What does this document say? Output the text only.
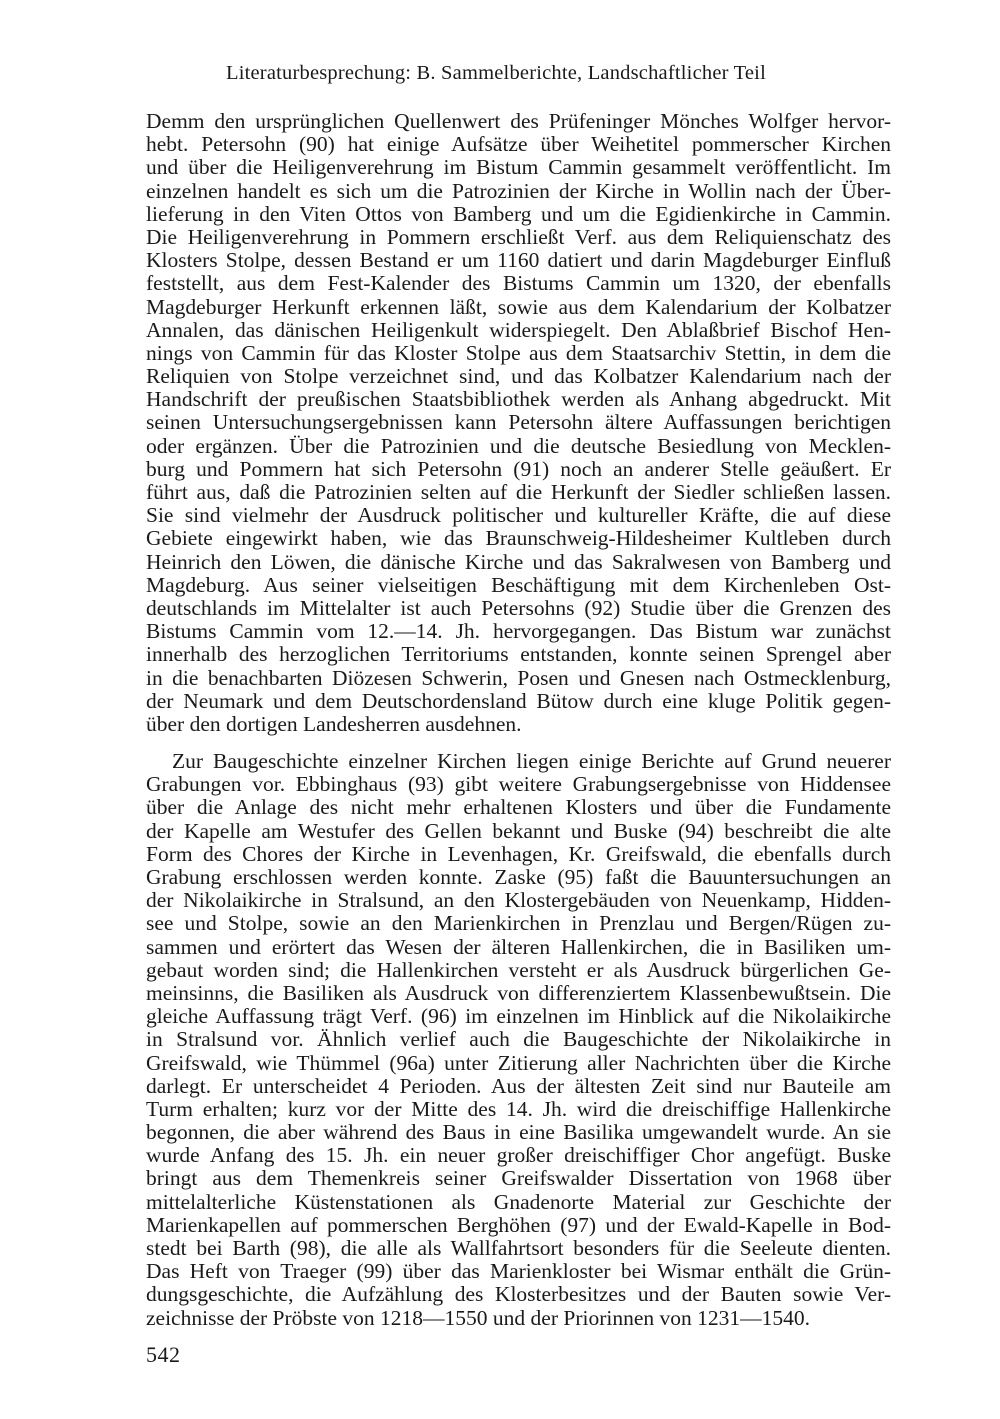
Literaturbesprechung: B. Sammelberichte, Landschaftlicher Teil
Demm den ursprünglichen Quellenwert des Prüfeninger Mönches Wolfger hervor-
hebt. Petersohn (90) hat einige Aufsätze über Weihetitel pommerscher Kirchen
und über die Heiligenverehrung im Bistum Cammin gesammelt veröffentlicht. Im
einzelnen handelt es sich um die Patrozinien der Kirche in Wollin nach der Über-
lieferung in den Viten Ottos von Bamberg und um die Egidienkirche in Cammin.
Die Heiligenverehrung in Pommern erschließt Verf. aus dem Reliquienschatz des
Klosters Stolpe, dessen Bestand er um 1160 datiert und darin Magdeburger Einfluß
feststellt, aus dem Fest-Kalender des Bistums Cammin um 1320, der ebenfalls
Magdeburger Herkunft erkennen läßt, sowie aus dem Kalendarium der Kolbatzer
Annalen, das dänischen Heiligenkult widerspiegelt. Den Ablaßbrief Bischof Hen-
nings von Cammin für das Kloster Stolpe aus dem Staatsarchiv Stettin, in dem die
Reliquien von Stolpe verzeichnet sind, und das Kolbatzer Kalendarium nach der
Handschrift der preußischen Staatsbibliothek werden als Anhang abgedruckt. Mit
seinen Untersuchungsergebnissen kann Petersohn ältere Auffassungen berichtigen
oder ergänzen. Über die Patrozinien und die deutsche Besiedlung von Mecklen-
burg und Pommern hat sich Petersohn (91) noch an anderer Stelle geäußert. Er
führt aus, daß die Patrozinien selten auf die Herkunft der Siedler schließen lassen.
Sie sind vielmehr der Ausdruck politischer und kultureller Kräfte, die auf diese
Gebiete eingewirkt haben, wie das Braunschweig-Hildesheimer Kultleben durch
Heinrich den Löwen, die dänische Kirche und das Sakralwesen von Bamberg und
Magdeburg. Aus seiner vielseitigen Beschäftigung mit dem Kirchenleben Ost-
deutschlands im Mittelalter ist auch Petersohns (92) Studie über die Grenzen des
Bistums Cammin vom 12.—14. Jh. hervorgegangen. Das Bistum war zunächst
innerhalb des herzoglichen Territoriums entstanden, konnte seinen Sprengel aber
in die benachbarten Diözesen Schwerin, Posen und Gnesen nach Ostmecklenburg,
der Neumark und dem Deutschordensland Bütow durch eine kluge Politik gegen-
über den dortigen Landesherren ausdehnen.
Zur Baugeschichte einzelner Kirchen liegen einige Berichte auf Grund neuerer
Grabungen vor. Ebbinghaus (93) gibt weitere Grabungsergebnisse von Hiddensee
über die Anlage des nicht mehr erhaltenen Klosters und über die Fundamente
der Kapelle am Westufer des Gellen bekannt und Buske (94) beschreibt die alte
Form des Chores der Kirche in Levenhagen, Kr. Greifswald, die ebenfalls durch
Grabung erschlossen werden konnte. Zaske (95) faßt die Bauuntersuchungen an
der Nikolaikirche in Stralsund, an den Klostergebäuden von Neuenkamp, Hidden-
see und Stolpe, sowie an den Marienkirchen in Prenzlau und Bergen/Rügen zu-
sammen und erörtert das Wesen der älteren Hallenkirchen, die in Basiliken um-
gebaut worden sind; die Hallenkirchen versteht er als Ausdruck bürgerlichen Ge-
meinsinns, die Basiliken als Ausdruck von differenziertem Klassenbewußtsein. Die
gleiche Auffassung trägt Verf. (96) im einzelnen im Hinblick auf die Nikolaikirche
in Stralsund vor. Ähnlich verlief auch die Baugeschichte der Nikolaikirche in
Greifswald, wie Thümmel (96a) unter Zitierung aller Nachrichten über die Kirche
darlegt. Er unterscheidet 4 Perioden. Aus der ältesten Zeit sind nur Bauteile am
Turm erhalten; kurz vor der Mitte des 14. Jh. wird die dreischiffige Hallenkirche
begonnen, die aber während des Baus in eine Basilika umgewandelt wurde. An sie
wurde Anfang des 15. Jh. ein neuer großer dreischiffiger Chor angefügt. Buske
bringt aus dem Themenkreis seiner Greifswalder Dissertation von 1968 über
mittelalterliche Küstenstationen als Gnadenorte Material zur Geschichte der
Marienkapellen auf pommerschen Berghöhen (97) und der Ewald-Kapelle in Bod-
stedt bei Barth (98), die alle als Wallfahrtsort besonders für die Seeleute dienten.
Das Heft von Traeger (99) über das Marienkloster bei Wismar enthält die Grün-
dungsgeschichte, die Aufzählung des Klosterbesitzes und der Bauten sowie Ver-
zeichnisse der Pröbste von 1218—1550 und der Priorinnen von 1231—1540.
542
